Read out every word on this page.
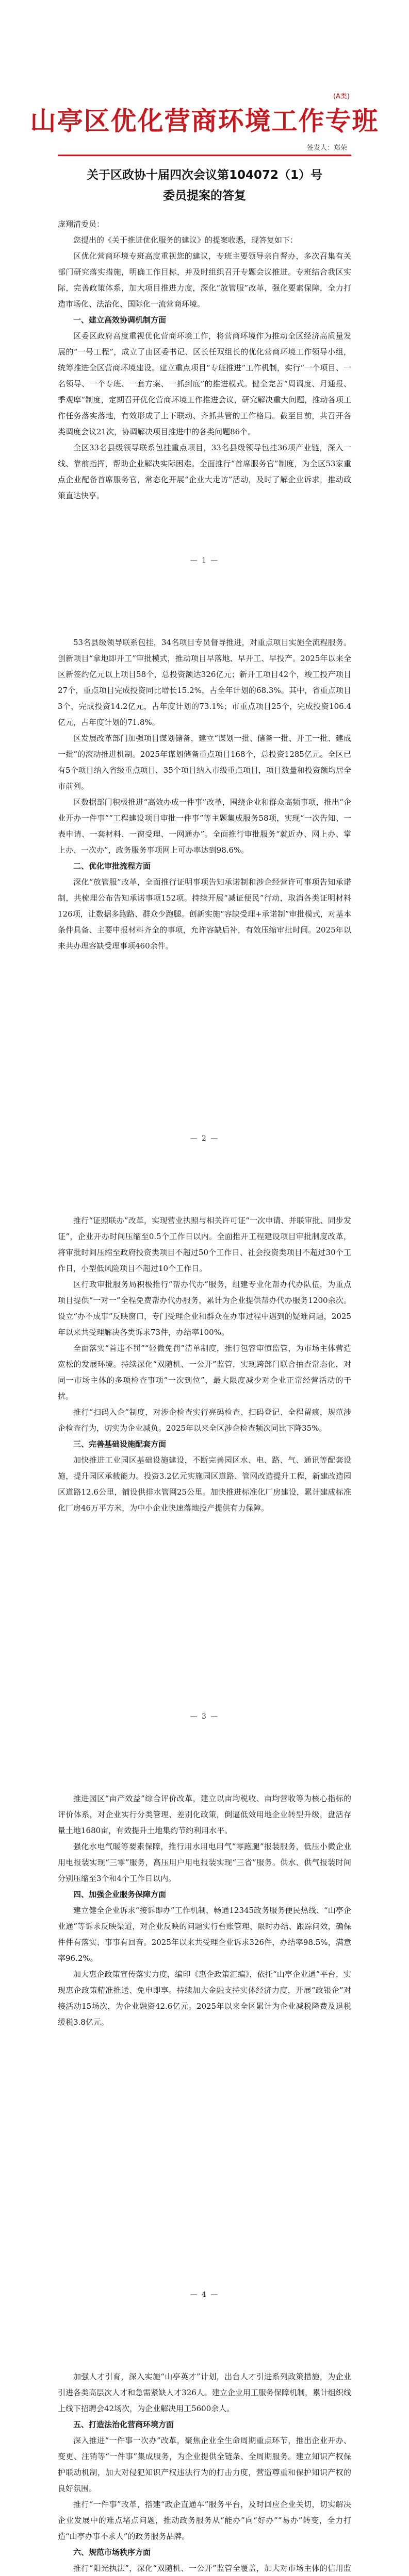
(A类)
山亭区优化营商环境工作专班
签发人：郑荣
关于区政协十届四次会议第104072（1）号
委员提案的答复

庞翔清委员：

您提出的《关于推进优化服务的建议》的提案收悉，现答复如下：

区优化营商环境专班高度重视您的建议，专班主要领导亲自督办，多次召集有关部门研究落实措施，明确工作目标，并及时组织召开专题会议推进。专班结合我区实际，完善政策体系，加大项目推进力度，深化“放管服”改革，强化要素保障，全力打造市场化、法治化、国际化一流营商环境。

一、建立高效协调机制方面

区委区政府高度重视优化营商环境工作，将营商环境作为推动全区经济高质量发展的“一号工程”，成立了由区委书记、区长任双组长的优化营商环境工作领导小组，统筹推进全区营商环境建设。建立重点项目“专班推进”工作机制，实行“一个项目、一名领导、一个专班、一套方案、一抓到底”的推进模式。健全完善“周调度、月通报、季观摩”制度，定期召开优化营商环境工作推进会议，研究解决重大问题，推动各项工作任务落实落地，有效形成了上下联动、齐抓共管的工作格局。截至目前，共召开各类调度会议21次，协调解决项目推进中的各类问题86个。

全区33名县级领导联系包挂重点项目，33名县级领导包挂36项产业链，深入一线、靠前指挥，帮助企业解决实际困难。全面推行“首席服务官”制度，为全区53家重点企业配备首席服务官，常态化开展“企业大走访”活动，及时了解企业诉求，推动政策直达快享。

— 1 —

53名县级领导联系包挂，34名项目专员督导推进，对重点项目实施全流程服务。创新项目“拿地即开工”审批模式，推动项目早落地、早开工、早投产。2025年以来全区新签约亿元以上项目58个，总投资额达326亿元；新开工项目42个，竣工投产项目27个，重点项目完成投资同比增长15.2%，占全年计划的68.3%。其中，省重点项目3个，完成投资14.2亿元，占年度计划的73.1%；市重点项目25个，完成投资106.4亿元，占年度计划的71.8%。

区发展改革部门加强项目谋划储备，建立“谋划一批、储备一批、开工一批、建成一批”的滚动推进机制。2025年谋划储备重点项目168个，总投资1285亿元。全区已有5个项目纳入省级重点项目，35个项目纳入市级重点项目，项目数量和投资额均居全市前列。

区数据部门积极推进“高效办成一件事”改革，围绕企业和群众高频事项，推出“企业开办一件事”“工程建设项目审批一件事”等主题集成服务58项，实现“一次告知、一表申请、一套材料、一窗受理、一网通办”。全面推行审批服务“就近办、网上办、掌上办、一次办”，政务服务事项网上可办率达到98.6%。

二、优化审批流程方面

深化“放管服”改革，全面推行证明事项告知承诺制和涉企经营许可事项告知承诺制，共梳理公布告知承诺事项152项。持续开展“减证便民”行动，取消各类证明材料126项，让数据多跑路、群众少跑腿。创新实施“容缺受理+承诺制”审批模式，对基本条件具备、主要申报材料齐全的事项，允许容缺后补，有效压缩审批时间。2025年以来共办理容缺受理事项460余件。

— 2 —

推行“证照联办”改革，实现营业执照与相关许可证“一次申请、并联审批、同步发证”，企业开办时间压缩至0.5个工作日以内。全面推开工程建设项目审批制度改革，将审批时间压缩至政府投资类项目不超过50个工作日、社会投资类项目不超过30个工作日，小型低风险项目不超过10个工作日。

区行政审批服务局积极推行“帮办代办”服务，组建专业化帮办代办队伍，为重点项目提供“一对一”全程免费帮办代办服务，累计为企业提供帮办代办服务1200余次。设立“办不成事”反映窗口，专门受理企业和群众在办事过程中遇到的疑难问题，2025年以来共受理解决各类诉求73件，办结率100%。

全面落实“首违不罚”“轻微免罚”清单制度，推行包容审慎监管，为市场主体营造宽松的发展环境。持续深化“双随机、一公开”监管，实现跨部门联合抽查常态化，对同一市场主体的多项检查事项“一次到位”，最大限度减少对企业正常经营活动的干扰。

推行“扫码入企”制度，对涉企检查实行亮码检查、扫码登记、全程留痕，规范涉企检查行为，切实为企业减负。2025年以来全区涉企检查频次同比下降35%。

三、完善基础设施配套方面

加快推进工业园区基础设施建设，不断完善园区水、电、路、气、通讯等配套设施，提升园区承载能力。投资3.2亿元实施园区道路、管网改造提升工程，新建改造园区道路12.6公里，铺设供排水管网25公里。加快推进标准化厂房建设，累计建成标准化厂房46万平方米，为中小企业快速落地投产提供有力保障。

— 3 —

推进园区“亩产效益”综合评价改革，建立以亩均税收、亩均营收等为核心指标的评价体系，对企业实行分类管理、差别化政策，倒逼低效用地企业转型升级，盘活存量土地1680亩，有效提升土地集约节约利用水平。

强化水电气暖等要素保障，推行用水用电用气“零跑腿”报装服务，低压小微企业用电报装实现“三零”服务，高压用户用电报装实现“三省”服务。供水、供气报装时间分别压缩至3个和4个工作日以内。

四、加强企业服务保障方面

建立健全企业诉求“接诉即办”工作机制，畅通12345政务服务便民热线、“山亭企业通”等诉求反映渠道，对企业反映的问题实行台账管理、限时办结、跟踪问效，确保件件有落实、事事有回音。2025年以来共受理企业诉求326件，办结率98.5%，满意率96.2%。

加大惠企政策宣传落实力度，编印《惠企政策汇编》，依托“山亭企业通”平台，实现惠企政策精准推送、免申即享。持续加大金融支持实体经济力度，开展“政银企”对接活动15场次，为企业融资42.6亿元。2025年以来全区累计为企业减税降费及退税缓税3.8亿元。

— 4 —

加强人才引育，深入实施“山亭英才”计划，出台人才引进系列政策措施，为企业引进各类高层次人才和急需紧缺人才326人。建立企业用工服务保障机制，累计组织线上线下招聘会42场次，为企业解决用工5600余人。

五、打造法治化营商环境方面

深入推进“一件事一次办”改革，聚焦企业全生命周期重点环节，推出企业开办、变更、注销等“一件事”集成服务，为企业提供全链条、全周期服务。建立知识产权保护联动机制，加大对侵犯知识产权违法行为的打击力度，营造尊重和保护知识产权的良好氛围。

推行“一件事”改革，搭建“政企直通车”服务平台，及时回应企业关切，切实解决企业发展中的难点堵点问题，推动政务服务从“能办”向“好办”“易办”转变，全力打造“山亭办事不求人”的政务服务品牌。

六、规范市场秩序方面

推行“阳光执法”，深化“双随机、一公开”监管全覆盖，加大对市场主体的信用监
